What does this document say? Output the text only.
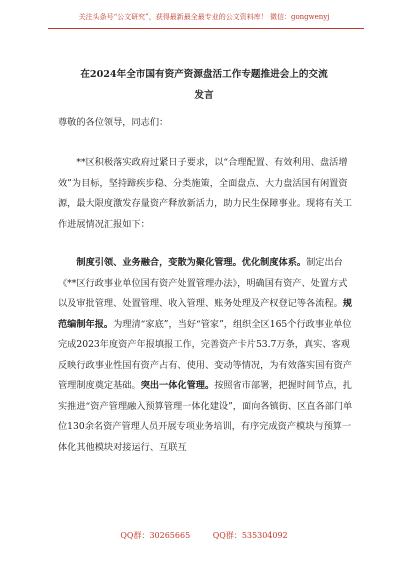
关注头条号“公文研究”，获得最新最全最专业的公文资料库！ 微信：gongwenyj
在2024年全市国有资产资源盘活工作专题推进会上的交流
发言
尊敬的各位领导，同志们：
**区积极落实政府过紧日子要求，以“合理配置、有效利用、盘活增效”为目标，坚持蹄疾步稳、分类施策，全面盘点、大力盘活国有闲置资源，最大限度激发存量资产释放新活力，助力民生保障事业。现将有关工作进展情况汇报如下：
制度引领、业务融合，变散为聚化管理。优化制度体系。制定出台《**区行政事业单位国有资产处置管理办法》，明确国有资产、处置方式以及审批管理、处置管理、收入管理、账务处理及产权登记等各流程。规范编制年报。为理清“家底”，当好“管家”，组织全区165个行政事业单位完成2023年度资产年报填报工作，完善资产卡片53.7万条，真实、客观反映行政事业性国有资产占有、使用、变动等情况，为有效落实国有资产管理制度奠定基础。突出一体化管理。按照省市部署，把握时间节点，扎实推进“资产管理融入预算管理一体化建设”，面向各镇街、区直各部门单位130余名资产管理人员开展专项业务培训，有序完成资产模块与预算一体化其他模块对接运行、互联互
QQ群：30265665	QQ群：535304092
